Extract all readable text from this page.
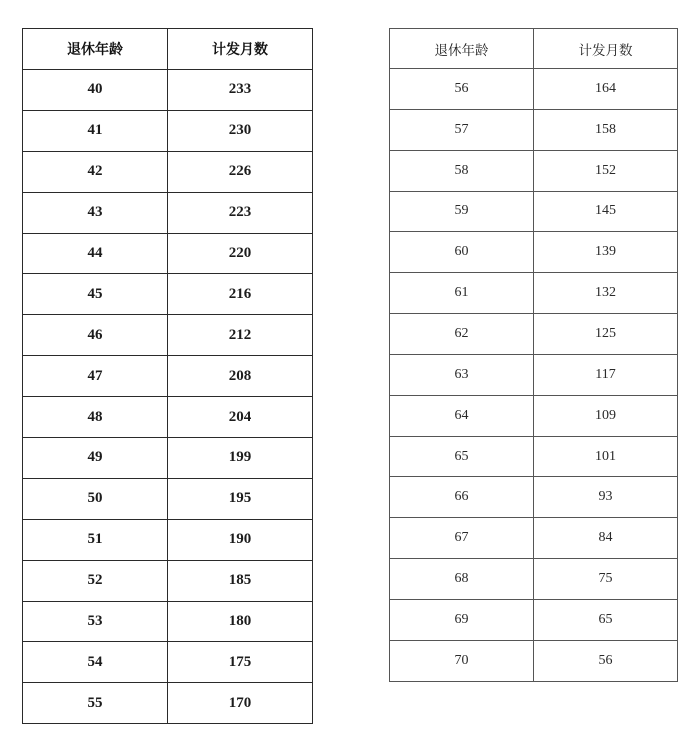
退休年龄	计发月数
40	233
41	230
42	226
43	223
44	220
45	216
46	212
47	208
48	204
49	199
50	195
51	190
52	185
53	180
54	175
55	170
退休年龄	计发月数
56	164
57	158
58	152
59	145
60	139
61	132
62	125
63	117
64	109
65	101
66	93
67	84
68	75
69	65
70	56
